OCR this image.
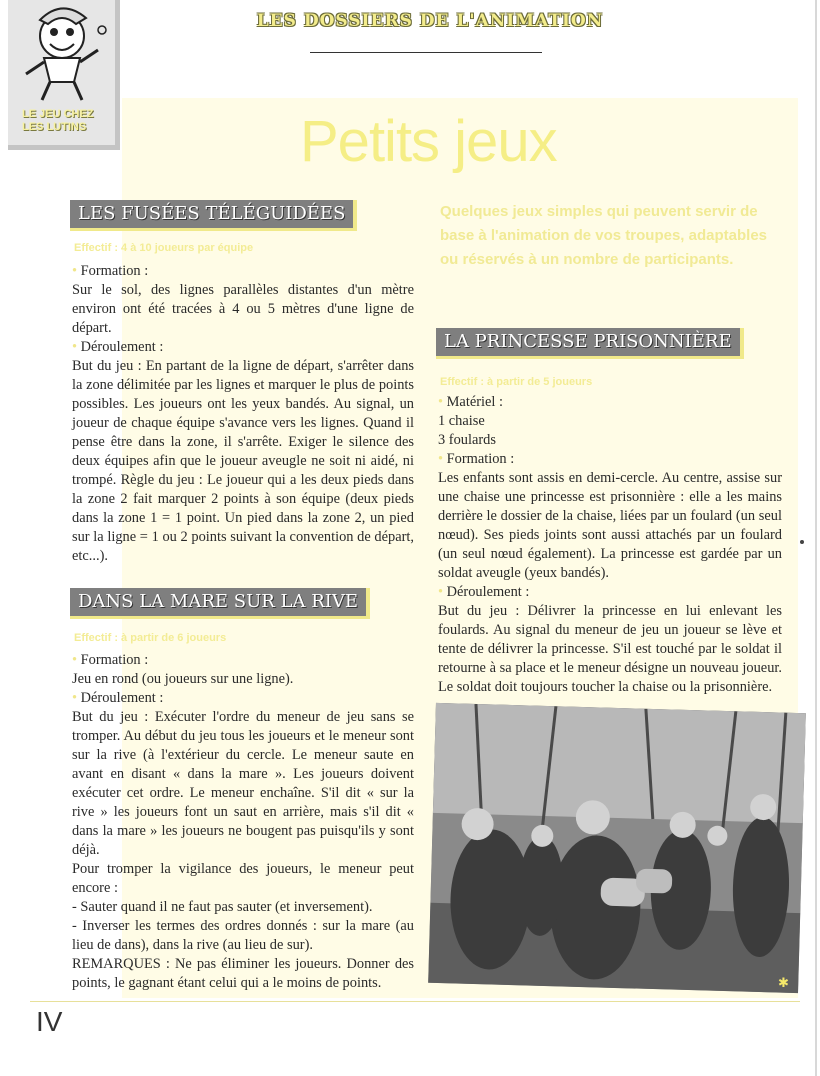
LES DOSSIERS DE L'ANIMATION
LE JEU CHEZ
LES LUTINS	Petits jeux
Quelques jeux simples qui peuvent servir de base à l'animation de vos troupes, adaptables ou réservés à un nombre de participants.
LES FUSÉES TÉLÉGUIDÉES
Effectif : 4 à 10 joueurs par équipe

• Formation :

Sur le sol, des lignes parallèles distantes d'un mètre environ ont été tracées à 4 ou 5 mètres d'une ligne de départ.

• Déroulement :

But du jeu : En partant de la ligne de départ, s'arrêter dans la zone délimitée par les lignes et marquer le plus de points possibles. Les joueurs ont les yeux bandés. Au signal, un joueur de chaque équipe s'avance vers les lignes. Quand il pense être dans la zone, il s'arrête. Exiger le silence des deux équipes afin que le joueur aveugle ne soit ni aidé, ni trompé. Règle du jeu : Le joueur qui a les deux pieds dans la zone 2 fait marquer 2 points à son équipe (deux pieds dans la zone 1 = 1 point. Un pied dans la zone 2, un pied sur la ligne = 1 ou 2 points suivant la convention de départ, etc...).

DANS LA MARE SUR LA RIVE
Effectif : à partir de 6 joueurs

• Formation :

Jeu en rond (ou joueurs sur une ligne).

• Déroulement :

But du jeu : Exécuter l'ordre du meneur de jeu sans se tromper. Au début du jeu tous les joueurs et le meneur sont sur la rive (à l'extérieur du cercle. Le meneur saute en avant en disant « dans la mare ». Les joueurs doivent exécuter cet ordre. Le meneur enchaîne. S'il dit « sur la rive » les joueurs font un saut en arrière, mais s'il dit « dans la mare » les joueurs ne bougent pas puisqu'ils y sont déjà.

Pour tromper la vigilance des joueurs, le meneur peut encore :

- Sauter quand il ne faut pas sauter (et inversement).

- Inverser les termes des ordres donnés : sur la mare (au lieu de dans), dans la rive (au lieu de sur).

REMARQUES : Ne pas éliminer les joueurs. Donner des points, le gagnant étant celui qui a le moins de points.

LA PRINCESSE PRISONNIÈRE
Effectif : à partir de 5 joueurs

• Matériel :

1 chaise

3 foulards

• Formation :

Les enfants sont assis en demi-cercle. Au centre, assise sur une chaise une princesse est prisonnière : elle a les mains derrière le dossier de la chaise, liées par un foulard (un seul nœud). Ses pieds joints sont aussi attachés par un foulard (un seul nœud également). La princesse est gardée par un soldat aveugle (yeux bandés).

• Déroulement :

But du jeu : Délivrer la princesse en lui enlevant les foulards. Au signal du meneur de jeu un joueur se lève et tente de délivrer la princesse. S'il est touché par le soldat il retourne à sa place et le meneur désigne un nouveau joueur. Le soldat doit toujours toucher la chaise ou la prisonnière.

✱
IV
